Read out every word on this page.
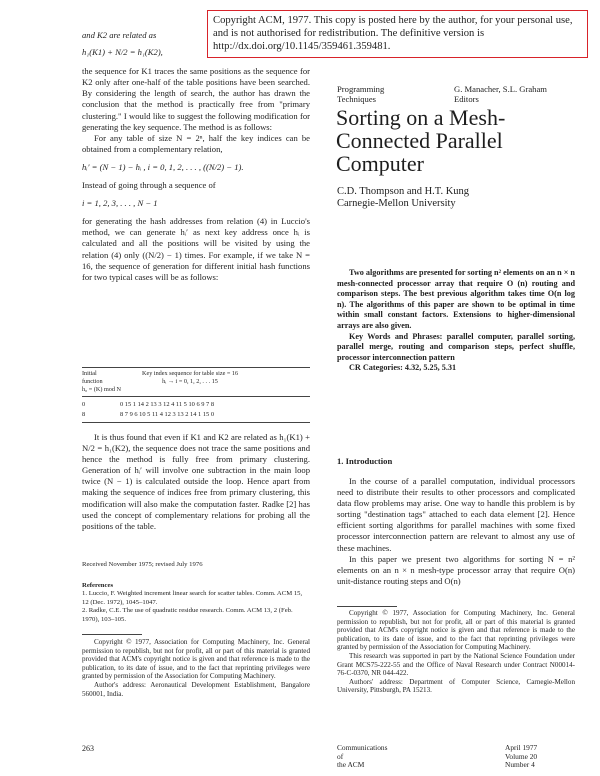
Copyright ACM, 1977. This copy is posted here by the author, for your personal use, and is not authorised for redistribution. The definitive version is http://dx.doi.org/10.1145/359461.359481.

and K2 are related as

h₁(K1) + N/2 = h₁(K2),

the sequence for K1 traces the same positions as the sequence for K2 only after one-half of the table positions have been searched. By considering the length of search, the author has drawn the conclusion that the method is practically free from "primary clustering." I would like to suggest the following modification for generating the key sequence. The method is as follows:

For any table of size N = 2ⁿ, half the key indices can be obtained from a complementary relation,

hᵢ′ = (N − 1) − hᵢ , i = 0, 1, 2, . . . , ((N/2) − 1).

Instead of going through a sequence of

i = 1, 2, 3, . . . , N − 1

for generating the hash addresses from relation (4) in Luccio's method, we can generate hᵢ′ as next key address once hᵢ is calculated and all the positions will be visited by using the relation (4) only ((N/2) − 1) times. For example, if we take N = 16, the sequence of generation for different initial hash functions for two typical cases will be as follows:

Initial
function
h₀ = (K) mod N

Key index sequence for table size = 16
hᵢ → i = 0, 1, 2, . . . 15
0	0 15 1 14 2 13 3 12 4 11 5 10 6 9 7 8
8	8 7 9 6 10 5 11 4 12 3 13 2 14 1 15 0

It is thus found that even if K1 and K2 are related as h₁(K1) + N/2 = h₁(K2), the sequence does not trace the same positions and hence the method is fully free from primary clustering. Generation of hᵢ′ will involve one subtraction in the main loop twice (N − 1) is calculated outside the loop. Hence apart from making the sequence of indices free from primary clustering, this modification will also make the computation faster. Radke [2] has used the concept of complementary relations for probing all the positions of the table.

Received November 1975; revised July 1976
References
1. Luccio, F. Weighted increment linear search for scatter tables. Comm. ACM 15, 12 (Dec. 1972), 1045–1047.
2. Radke, C.E. The use of quadratic residue research. Comm. ACM 13, 2 (Feb. 1970), 103–105.
Copyright © 1977, Association for Computing Machinery, Inc. General permission to republish, but not for profit, all or part of this material is granted provided that ACM's copyright notice is given and that reference is made to the publication, to its date of issue, and to the fact that reprinting privileges were granted by permission of the Association for Computing Machinery.
Author's address: Aeronautical Development Establishment, Bangalore 560001, India.
263
Programming
Techniques
G. Manacher, S.L. Graham
Editors
Sorting on a Mesh-
Connected Parallel
Computer
C.D. Thompson and H.T. Kung
Carnegie-Mellon University

Two algorithms are presented for sorting n² elements on an n × n mesh-connected processor array that require O (n) routing and comparison steps. The best previous algorithm takes time O(n log n). The algorithms of this paper are shown to be optimal in time within small constant factors. Extensions to higher-dimensional arrays are also given.

Key Words and Phrases: parallel computer, parallel sorting, parallel merge, routing and comparison steps, perfect shuffle, processor interconnection pattern

CR Categories: 4.32, 5.25, 5.31

1. Introduction

In the course of a parallel computation, individual processors need to distribute their results to other processors and complicated data flow problems may arise. One way to handle this problem is by sorting "destination tags" attached to each data element [2]. Hence efficient sorting algorithms for parallel machines with some fixed processor interconnection pattern are relevant to almost any use of these machines.

In this paper we present two algorithms for sorting N = n² elements on an n × n mesh-type processor array that require O(n) unit-distance routing steps and O(n)

Copyright © 1977, Association for Computing Machinery, Inc. General permission to republish, but not for profit, all or part of this material is granted provided that ACM's copyright notice is given and that reference is made to the publication, to its date of issue, and to the fact that reprinting privileges were granted by permission of the Association for Computing Machinery.
This research was supported in part by the National Science Foundation under Grant MCS75-222-55 and the Office of Naval Research under Contract N00014-76-C-0370, NR 044-422.
Authors' address: Department of Computer Science, Carnegie-Mellon University, Pittsburgh, PA 15213.
Communications
of
the ACM
April 1977
Volume 20
Number 4
